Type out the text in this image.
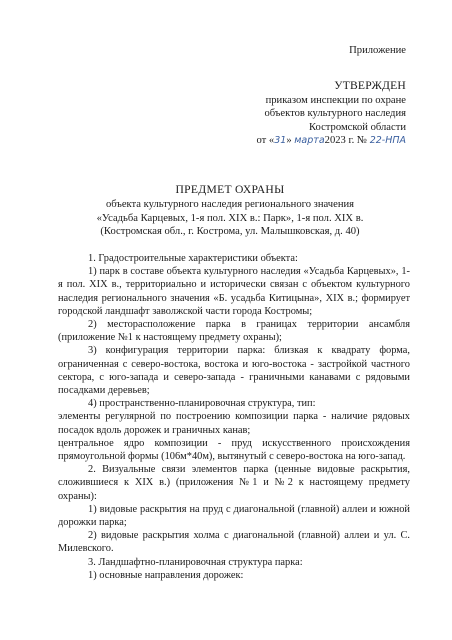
Приложение
УТВЕРЖДЕН
приказом инспекции по охране
объектов культурного наследия
Костромской области
от «31» марта2023 г. № 22-НПА
ПРЕДМЕТ ОХРАНЫ
объекта культурного наследия регионального значения
«Усадьба Карцевых, 1-я пол. XIX в.: Парк», 1-я пол. XIX в.
(Костромская обл., г. Кострома, ул. Малышковская, д. 40)

1. Градостроительные характеристики объекта:

1) парк в составе объекта культурного наследия «Усадьба Карцевых», 1-я пол. XIX в., территориально и исторически связан с объектом культурного наследия регионального значения «Б. усадьба Китицына», XIX в.; формирует городской ландшафт заволжской части города Костромы;

2) месторасположение парка в границах территории ансамбля (приложение №1 к настоящему предмету охраны);

3) конфигурация территории парка: близкая к квадрату форма, ограниченная с северо-востока, востока и юго-востока - застройкой частного сектора, с юго-запада и северо-запада - граничными канавами с рядовыми посадками деревьев;

4) пространственно-планировочная структура, тип:

элементы регулярной по построению композиции парка - наличие рядовых посадок вдоль дорожек и граничных канав;

центральное ядро композиции - пруд искусственного происхождения прямоугольной формы (106м*40м), вытянутый с северо-востока на юго-запад.

2. Визуальные связи элементов парка (ценные видовые раскрытия, сложившиеся к XIX в.) (приложения №1 и №2 к настоящему предмету охраны):

1) видовые раскрытия на пруд с диагональной (главной) аллеи и южной дорожки парка;

2) видовые раскрытия холма с диагональной (главной) аллеи и ул. С. Милевского.

3. Ландшафтно-планировочная структура парка:

1) основные направления дорожек:
